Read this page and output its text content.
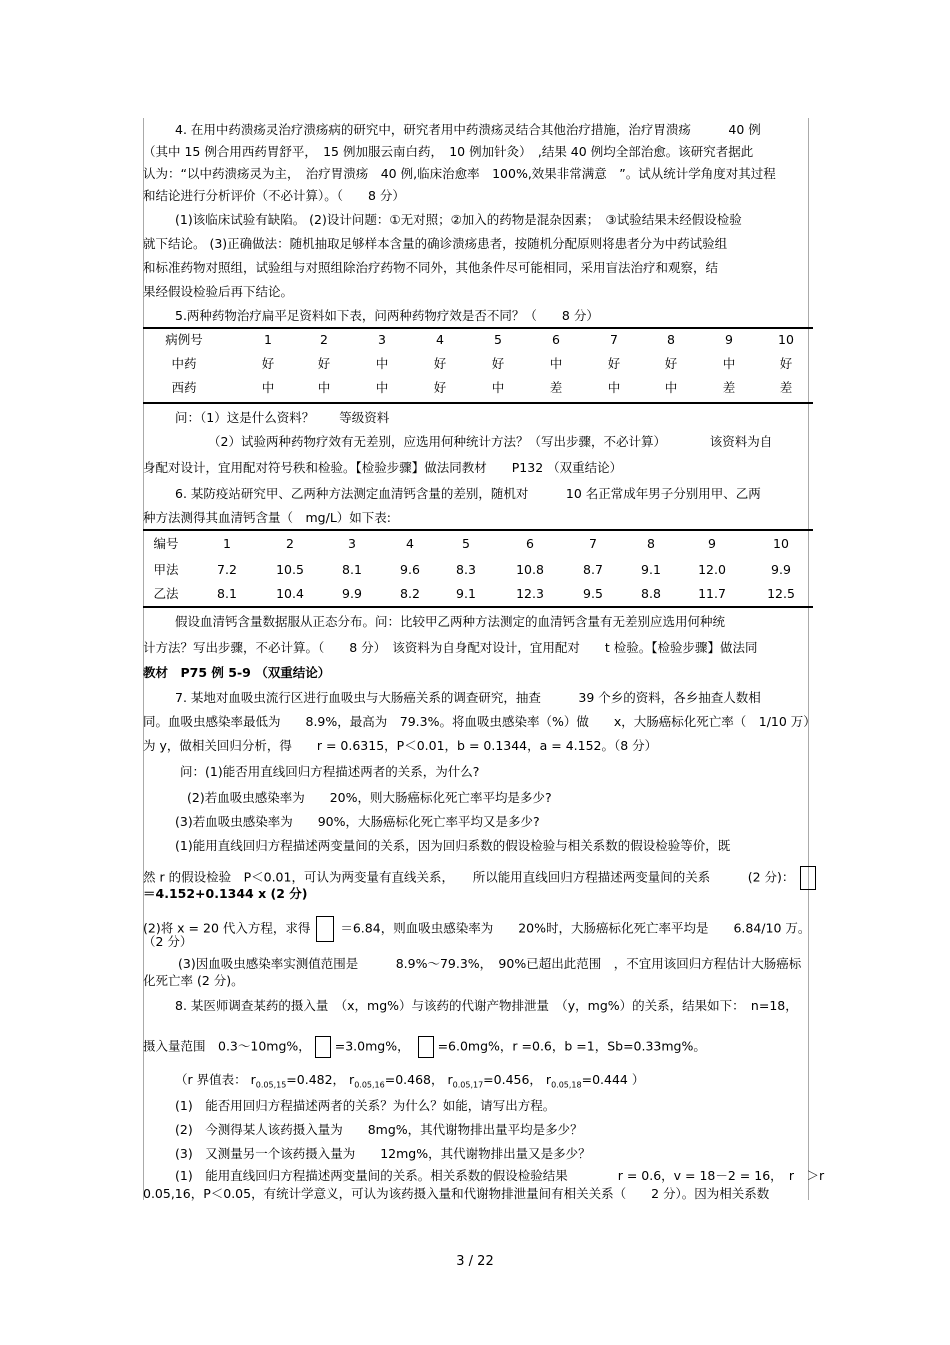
4. 在用中药溃疡灵治疗溃疡病的研究中，研究者用中药溃疡灵结合其他治疗措施，治疗胃溃疡　　　40 例
（其中 15 例合用西药胃舒平，　15 例加服云南白药，　10 例加针灸）　,结果 40 例均全部治愈。该研究者据此
认为：“以中药溃疡灵为主，　治疗胃溃疡　40 例,临床治愈率　100%,效果非常满意　”。试从统计学角度对其过程
和结论进行分析评价（不必计算）。（　　8 分）
(1)该临床试验有缺陷。 (2)设计问题：①无对照；②加入的药物是混杂因素；　③试验结果未经假设检验
就下结论。 (3)正确做法：随机抽取足够样本含量的确诊溃疡患者，按随机分配原则将患者分为中药试验组
和标准药物对照组，试验组与对照组除治疗药物不同外，其他条件尽可能相同，采用盲法治疗和观察，结
果经假设检验后再下结论。
5.两种药物治疗扁平足资料如下表，问两种药物疗效是否不同？（　　8 分）
病例号	1	2	3	4	5	6	7	8	9	10
中药	好	好	中	好	好	中	好	好	中	好
西药	中	中	中	好	中	差	中	中	差	差
问：（1）这是什么资料？　　等级资料
（2）试验两种药物疗效有无差别，应选用何种统计方法？（写出步骤，不必计算）　　　　该资料为自
身配对设计，宜用配对符号秩和检验。【检验步骤】做法同教材　　P132 （双重结论）
6. 某防疫站研究甲、乙两种方法测定血清钙含量的差别，随机对　　　10 名正常成年男子分别用甲、乙两
种方法测得其血清钙含量（　mg/L）如下表:
编号	1	2	3	4	5	6	7	8	9	10
甲法	7.2	10.5	8.1	9.6	8.3	10.8	8.7	9.1	12.0	9.9
乙法	8.1	10.4	9.9	8.2	9.1	12.3	9.5	8.8	11.7	12.5
假设血清钙含量数据服从正态分布。问：比较甲乙两种方法测定的血清钙含量有无差别应选用何种统
计方法？写出步骤，不必计算。（　　8 分）　该资料为自身配对设计，宜用配对　　t 检验。【检验步骤】做法同
教材　P75 例 5-9 （双重结论）
7. 某地对血吸虫流行区进行血吸虫与大肠癌关系的调查研究，抽查　　　39 个乡的资料，各乡抽查人数相
同。血吸虫感染率最低为　　8.9%，最高为　79.3%。将血吸虫感染率（%）做　　x，大肠癌标化死亡率（　1/10 万）
为 y，做相关回归分析，得　　r = 0.6315，P＜0.01，b = 0.1344，a = 4.152。（8 分）
问：(1)能否用直线回归方程描述两者的关系，为什么?
(2)若血吸虫感染率为　　20%，则大肠癌标化死亡率平均是多少?
(3)若血吸虫感染率为　　90%，大肠癌标化死亡率平均又是多少?
(1)能用直线回归方程描述两变量间的关系，因为回归系数的假设检验与相关系数的假设检验等价，既
然 r 的假设检验　P＜0.01，可认为两变量有直线关系，　　所以能用直线回归方程描述两变量间的关系　　　(2 分)：
＝4.152+0.1344 x (2 分)
(2)将 x = 20 代入方程，求得 ＝6.84，则血吸虫感染率为　　20%时，大肠癌标化死亡率平均是　　6.84/10 万。
（2 分）
(3)因血吸虫感染率实测值范围是　　　8.9%～79.3%，　90%已超出此范围　，不宜用该回归方程估计大肠癌标
化死亡率 (2 分)。
8. 某医师调查某药的摄入量　（x，mg%）与该药的代谢产物排泄量　（y，mg%）的关系，结果如下：　n=18，
摄入量范围　0.3～10mg%， =3.0mg%， =6.0mg%，r =0.6，b =1，Sb=0.33mg%。
（r 界值表： $r_{0.05,15}=0.482$， $r_{0.05,16}=0.468$， $r_{0.05,17}=0.456$， $r_{0.05,18}=0.444$ ）
(1)　能否用回归方程描述两者的关系？为什么？如能，请写出方程。
(2)　今测得某人该药摄入量为　　8mg%，其代谢物排出量平均是多少？
(3)　又测量另一个该药摄入量为　　12mg%，其代谢物排出量又是多少？
(1)　能用直线回归方程描述两变量间的关系。相关系数的假设检验结果　　　　r = 0.6，v = 18－2 = 16，　r　＞r
0.05,16，P＜0.05，有统计学意义，可认为该药摄入量和代谢物排泄量间有相关关系（　　2 分）。因为相关系数
3 / 22
